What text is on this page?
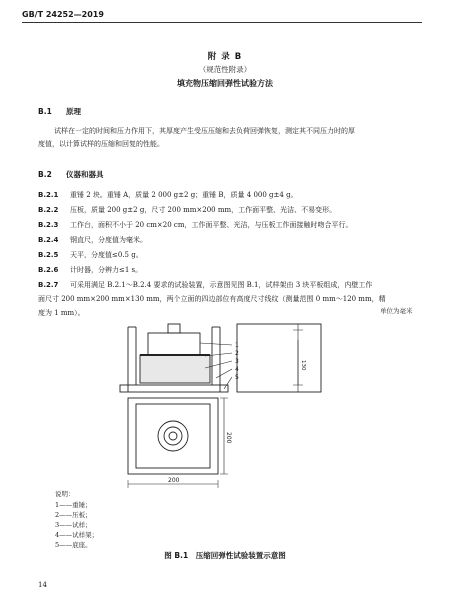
GB/T 24252—2019
附 录 B
（规范性附录）
填充物压缩回弹性试验方法
B.1 原理
试样在一定的时间和压力作用下，其厚度产生受压压缩和去负荷回弹恢复，测定其不同压力时的厚
度值，以计算试样的压缩和回复的性能。
B.2 仪器和器具
B.2.1 重锤 2 块。重锤 A，质量 2 000 g±2 g；重锤 B，质量 4 000 g±4 g。
B.2.2 压板，质量 200 g±2 g，尺寸 200 mm×200 mm，工作面平整、光洁、不易变形。
B.2.3 工作台，面积不小于 20 cm×20 cm，工作面平整、光洁，与压板工作面接触时吻合平行。
B.2.4 钢直尺，分度值为毫米。
B.2.5 天平，分度值≤0.5 g。
B.2.6 计时器，分辨力≤1 s。
B.2.7 可采用满足 B.2.1～B.2.4 要求的试验装置，示意图见图 B.1，试样架由 3 块平板组成，内壁工作
面尺寸 200 mm×200 mm×130 mm，两个立面的四边部位有高度尺寸线纹（测量范围 0 mm～120 mm，精
度为 1 mm）。	单位为毫米
1
2
3
4
5
130
200
200
说明：
1——重锤；
2——压板；
3——试样；
4——试样架；
5——底座。
图 B.1　压缩回弹性试验装置示意图
14
